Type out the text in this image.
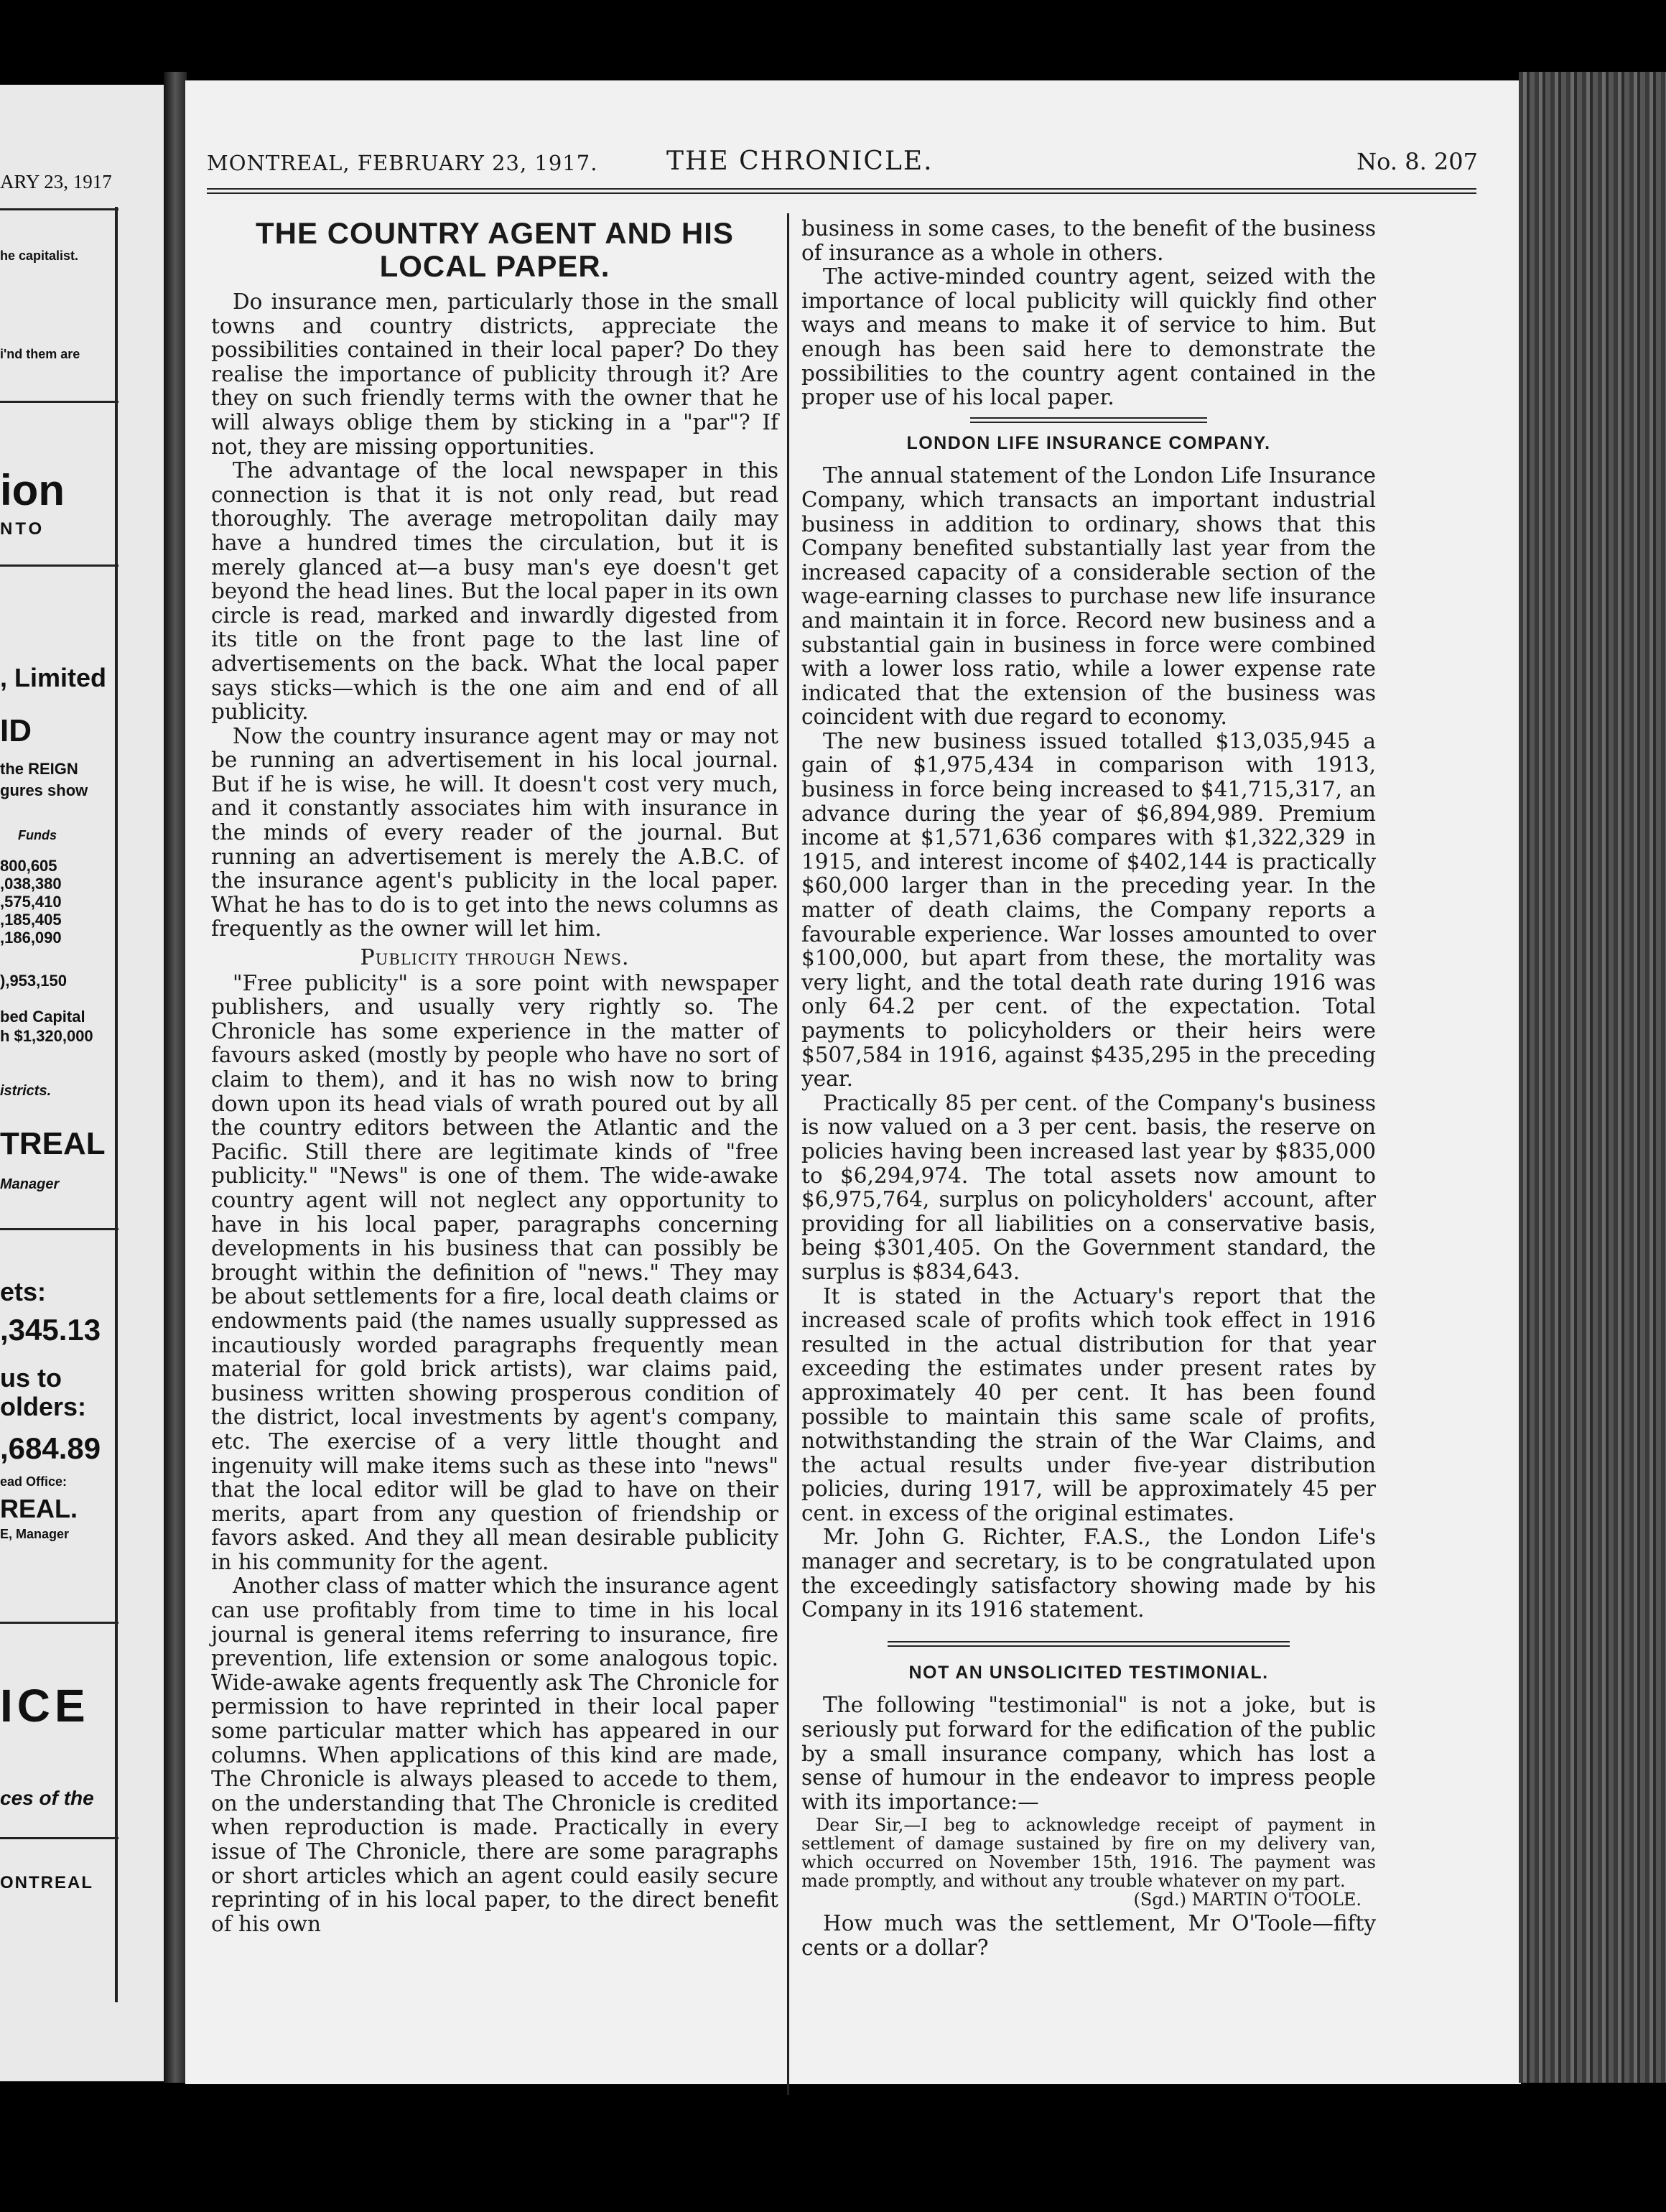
ARY 23, 1917
he capitalist.
i'nd them are
ion
NTO
, Limited
ID
the REIGN
gures show
Funds
800,605
,038,380
,575,410
,185,405
,186,090
),953,150
bed Capital
h $1,320,000
istricts.
TREAL
Manager
ets:
,345.13
us to
olders:
,684.89
ead Office:
REAL.
E, Manager
ICE
ces of the
ONTREAL
MONTREAL, FEBRUARY 23, 1917.	THE CHRONICLE.	No. 8. 207
THE COUNTRY AGENT AND HIS LOCAL PAPER.

Do insurance men, particularly those in the small towns and country districts, appreciate the possibilities contained in their local paper? Do they realise the importance of publicity through it? Are they on such friendly terms with the owner that he will always oblige them by sticking in a "par"? If not, they are missing opportunities.

The advantage of the local newspaper in this connection is that it is not only read, but read thoroughly. The average metropolitan daily may have a hundred times the circulation, but it is merely glanced at—a busy man's eye doesn't get beyond the head lines. But the local paper in its own circle is read, marked and inwardly digested from its title on the front page to the last line of advertisements on the back. What the local paper says sticks—which is the one aim and end of all publicity.

Now the country insurance agent may or may not be running an advertisement in his local journal. But if he is wise, he will. It doesn't cost very much, and it constantly associates him with insurance in the minds of every reader of the journal. But running an advertisement is merely the A.B.C. of the insurance agent's publicity in the local paper. What he has to do is to get into the news columns as frequently as the owner will let him.

Publicity through News.

"Free publicity" is a sore point with newspaper publishers, and usually very rightly so. The Chronicle has some experience in the matter of favours asked (mostly by people who have no sort of claim to them), and it has no wish now to bring down upon its head vials of wrath poured out by all the country editors between the Atlantic and the Pacific. Still there are legitimate kinds of "free publicity." "News" is one of them. The wide-awake country agent will not neglect any opportunity to have in his local paper, paragraphs concerning developments in his business that can possibly be brought within the definition of "news." They may be about settlements for a fire, local death claims or endowments paid (the names usually suppressed as incautiously worded paragraphs frequently mean material for gold brick artists), war claims paid, business written showing prosperous condition of the district, local investments by agent's company, etc. The exercise of a very little thought and ingenuity will make items such as these into "news" that the local editor will be glad to have on their merits, apart from any question of friendship or favors asked. And they all mean desirable publicity in his community for the agent.

Another class of matter which the insurance agent can use profitably from time to time in his local journal is general items referring to insurance, fire prevention, life extension or some analogous topic. Wide-awake agents frequently ask The Chronicle for permission to have reprinted in their local paper some particular matter which has appeared in our columns. When applications of this kind are made, The Chronicle is always pleased to accede to them, on the understanding that The Chronicle is credited when reproduction is made. Practically in every issue of The Chronicle, there are some paragraphs or short articles which an agent could easily secure reprinting of in his local paper, to the direct benefit of his own

business in some cases, to the benefit of the business of insurance as a whole in others.

The active-minded country agent, seized with the importance of local publicity will quickly find other ways and means to make it of service to him. But enough has been said here to demonstrate the possibilities to the country agent contained in the proper use of his local paper.

LONDON LIFE INSURANCE COMPANY.

The annual statement of the London Life Insurance Company, which transacts an important industrial business in addition to ordinary, shows that this Company benefited substantially last year from the increased capacity of a considerable section of the wage-earning classes to purchase new life insurance and maintain it in force. Record new business and a substantial gain in business in force were combined with a lower loss ratio, while a lower expense rate indicated that the extension of the business was coincident with due regard to economy.

The new business issued totalled $13,035,945 a gain of $1,975,434 in comparison with 1913, business in force being increased to $41,715,317, an advance during the year of $6,894,989. Premium income at $1,571,636 compares with $1,322,329 in 1915, and interest income of $402,144 is practically $60,000 larger than in the preceding year. In the matter of death claims, the Company reports a favourable experience. War losses amounted to over $100,000, but apart from these, the mortality was very light, and the total death rate during 1916 was only 64.2 per cent. of the expectation. Total payments to policyholders or their heirs were $507,584 in 1916, against $435,295 in the preceding year.

Practically 85 per cent. of the Company's business is now valued on a 3 per cent. basis, the reserve on policies having been increased last year by $835,000 to $6,294,974. The total assets now amount to $6,975,764, surplus on policyholders' account, after providing for all liabilities on a conservative basis, being $301,405. On the Government standard, the surplus is $834,643.

It is stated in the Actuary's report that the increased scale of profits which took effect in 1916 resulted in the actual distribution for that year exceeding the estimates under present rates by approximately 40 per cent. It has been found possible to maintain this same scale of profits, notwithstanding the strain of the War Claims, and the actual results under five-year distribution policies, during 1917, will be approximately 45 per cent. in excess of the original estimates.

Mr. John G. Richter, F.A.S., the London Life's manager and secretary, is to be congratulated upon the exceedingly satisfactory showing made by his Company in its 1916 statement.

NOT AN UNSOLICITED TESTIMONIAL.

The following "testimonial" is not a joke, but is seriously put forward for the edification of the public by a small insurance company, which has lost a sense of humour in the endeavor to impress people with its importance:—

Dear Sir,—I beg to acknowledge receipt of payment in settlement of damage sustained by fire on my delivery van, which occurred on November 15th, 1916. The payment was made promptly, and without any trouble whatever on my part.

(Sgd.) MARTIN O'TOOLE.

How much was the settlement, Mr O'Toole—fifty cents or a dollar?
